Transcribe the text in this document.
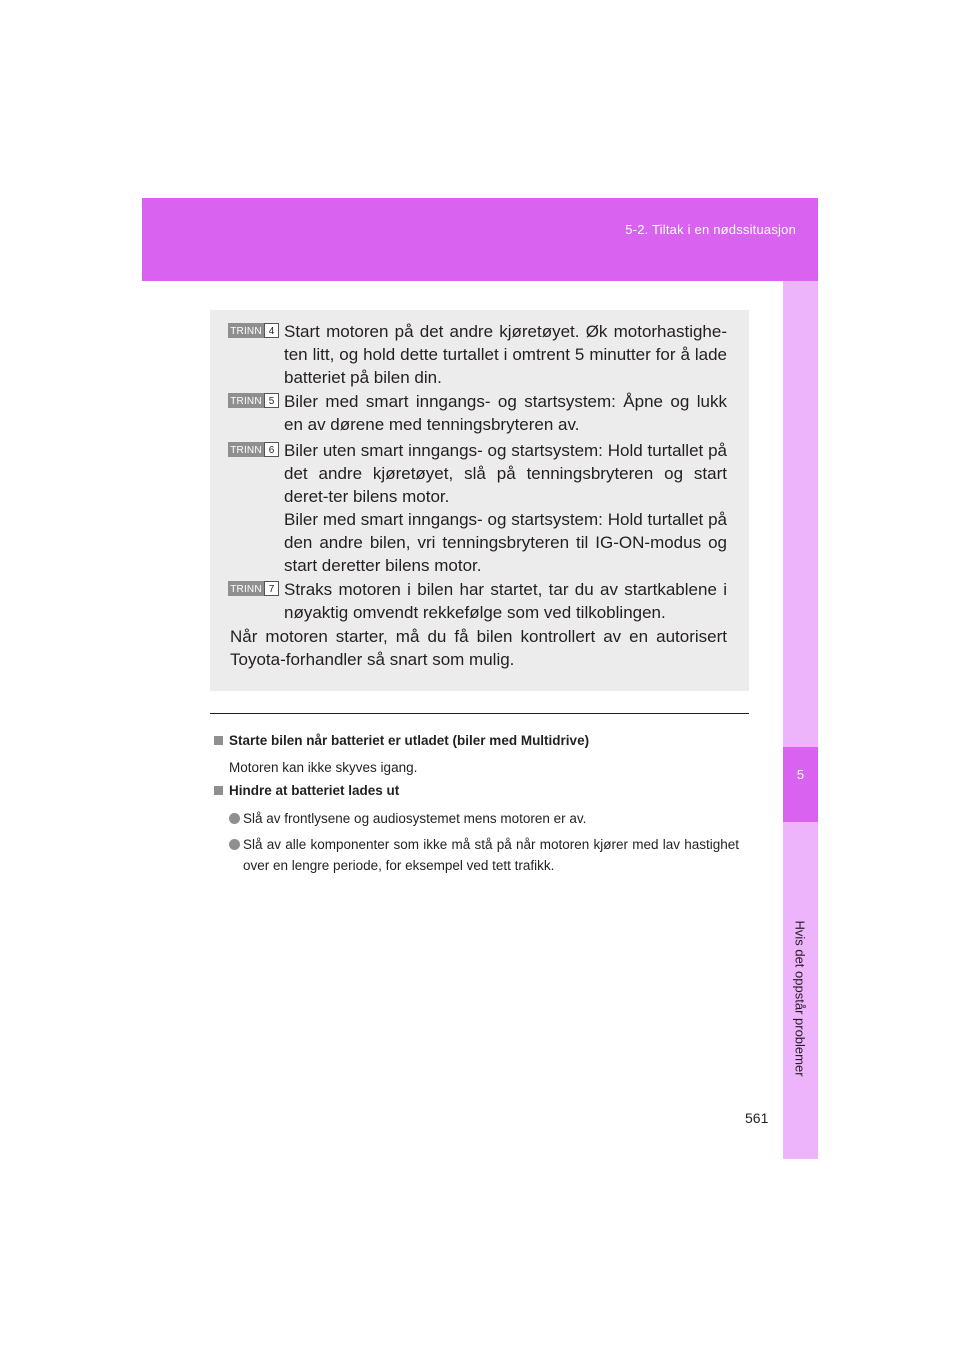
5-2. Tiltak i en nødssituasjon
5
Hvis det oppstår problemer
TRINN 4 Start motoren på det andre kjøretøyet. Øk motorhastighe-ten litt, og hold dette turtallet i omtrent 5 minutter for å lade batteriet på bilen din.

TRINN 5 Biler med smart inngangs- og startsystem: Åpne og lukk en av dørene med tenningsbryteren av.

TRINN 6 Biler uten smart inngangs- og startsystem: Hold turtallet på det andre kjøretøyet, slå på tenningsbryteren og start deret-ter bilens motor.

Biler med smart inngangs- og startsystem: Hold turtallet på den andre bilen, vri tenningsbryteren til IG-ON-modus og start deretter bilens motor.

TRINN 7 Straks motoren i bilen har startet, tar du av startkablene i nøyaktig omvendt rekkefølge som ved tilkoblingen.

Når motoren starter, må du få bilen kontrollert av en autorisert Toyota-forhandler så snart som mulig.
Starte bilen når batteriet er utladet (biler med Multidrive)
Motoren kan ikke skyves igang.
Hindre at batteriet lades ut
Slå av frontlysene og audiosystemet mens motoren er av.
Slå av alle komponenter som ikke må stå på når motoren kjører med lav hastighet over en lengre periode, for eksempel ved tett trafikk.
561
